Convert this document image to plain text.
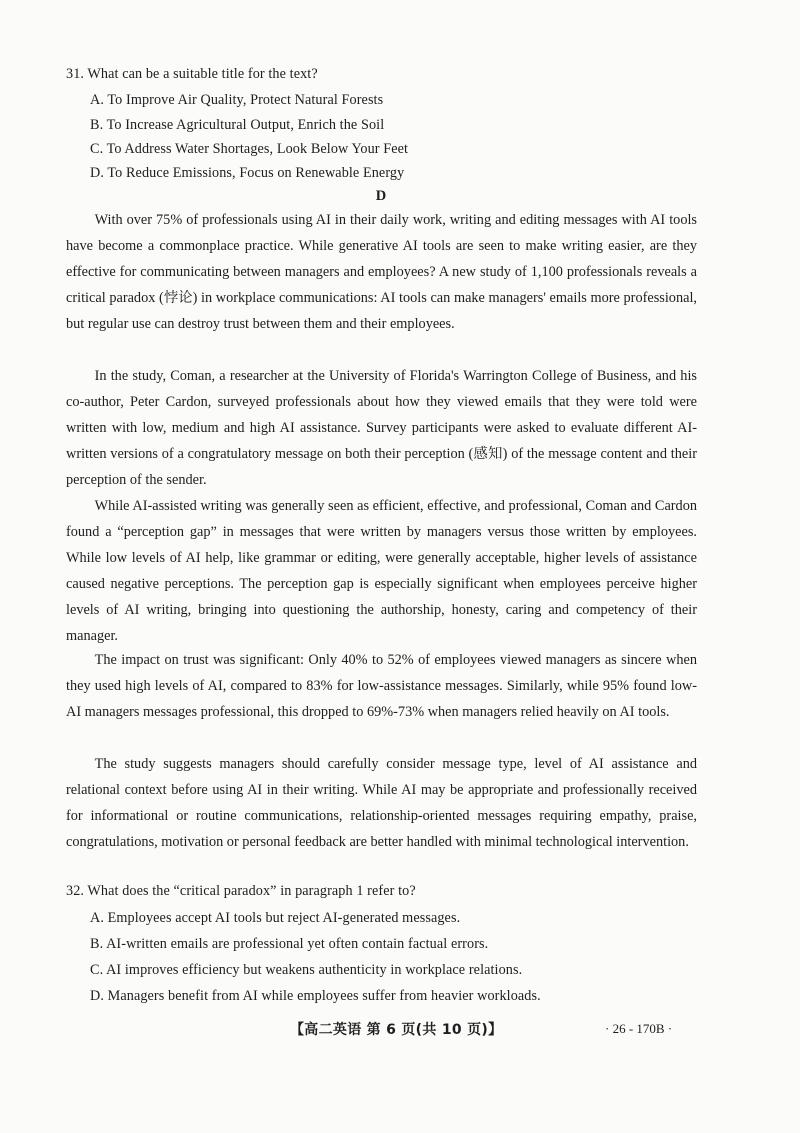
31. What can be a suitable title for the text?
A. To Improve Air Quality, Protect Natural Forests
B. To Increase Agricultural Output, Enrich the Soil
C. To Address Water Shortages, Look Below Your Feet
D. To Reduce Emissions, Focus on Renewable Energy
D

With over 75% of professionals using AI in their daily work, writing and editing messages with AI tools have become a commonplace practice. While generative AI tools are seen to make writing easier, are they effective for communicating between managers and employees? A new study of 1,100 professionals reveals a critical paradox (悖论) in workplace communications: AI tools can make managers' emails more professional, but regular use can destroy trust between them and their employees.

In the study, Coman, a researcher at the University of Florida's Warrington College of Business, and his co-author, Peter Cardon, surveyed professionals about how they viewed emails that they were told were written with low, medium and high AI assistance. Survey participants were asked to evaluate different AI-written versions of a congratulatory message on both their perception (感知) of the message content and their perception of the sender.

While AI-assisted writing was generally seen as efficient, effective, and professional, Coman and Cardon found a “perception gap” in messages that were written by managers versus those written by employees. While low levels of AI help, like grammar or editing, were generally acceptable, higher levels of assistance caused negative perceptions. The perception gap is especially significant when employees perceive higher levels of AI writing, bringing into questioning the authorship, honesty, caring and competency of their manager.

The impact on trust was significant: Only 40% to 52% of employees viewed managers as sincere when they used high levels of AI, compared to 83% for low-assistance messages. Similarly, while 95% found low-AI managers messages professional, this dropped to 69%-73% when managers relied heavily on AI tools.

The study suggests managers should carefully consider message type, level of AI assistance and relational context before using AI in their writing. While AI may be appropriate and professionally received for informational or routine communications, relationship-oriented messages requiring empathy, praise, congratulations, motivation or personal feedback are better handled with minimal technological intervention.

32. What does the “critical paradox” in paragraph 1 refer to?
A. Employees accept AI tools but reject AI-generated messages.
B. AI-written emails are professional yet often contain factual errors.
C. AI improves efficiency but weakens authenticity in workplace relations.
D. Managers benefit from AI while employees suffer from heavier workloads.
【高二英语 第 6 页(共 10 页)】	· 26 - 170B ·
